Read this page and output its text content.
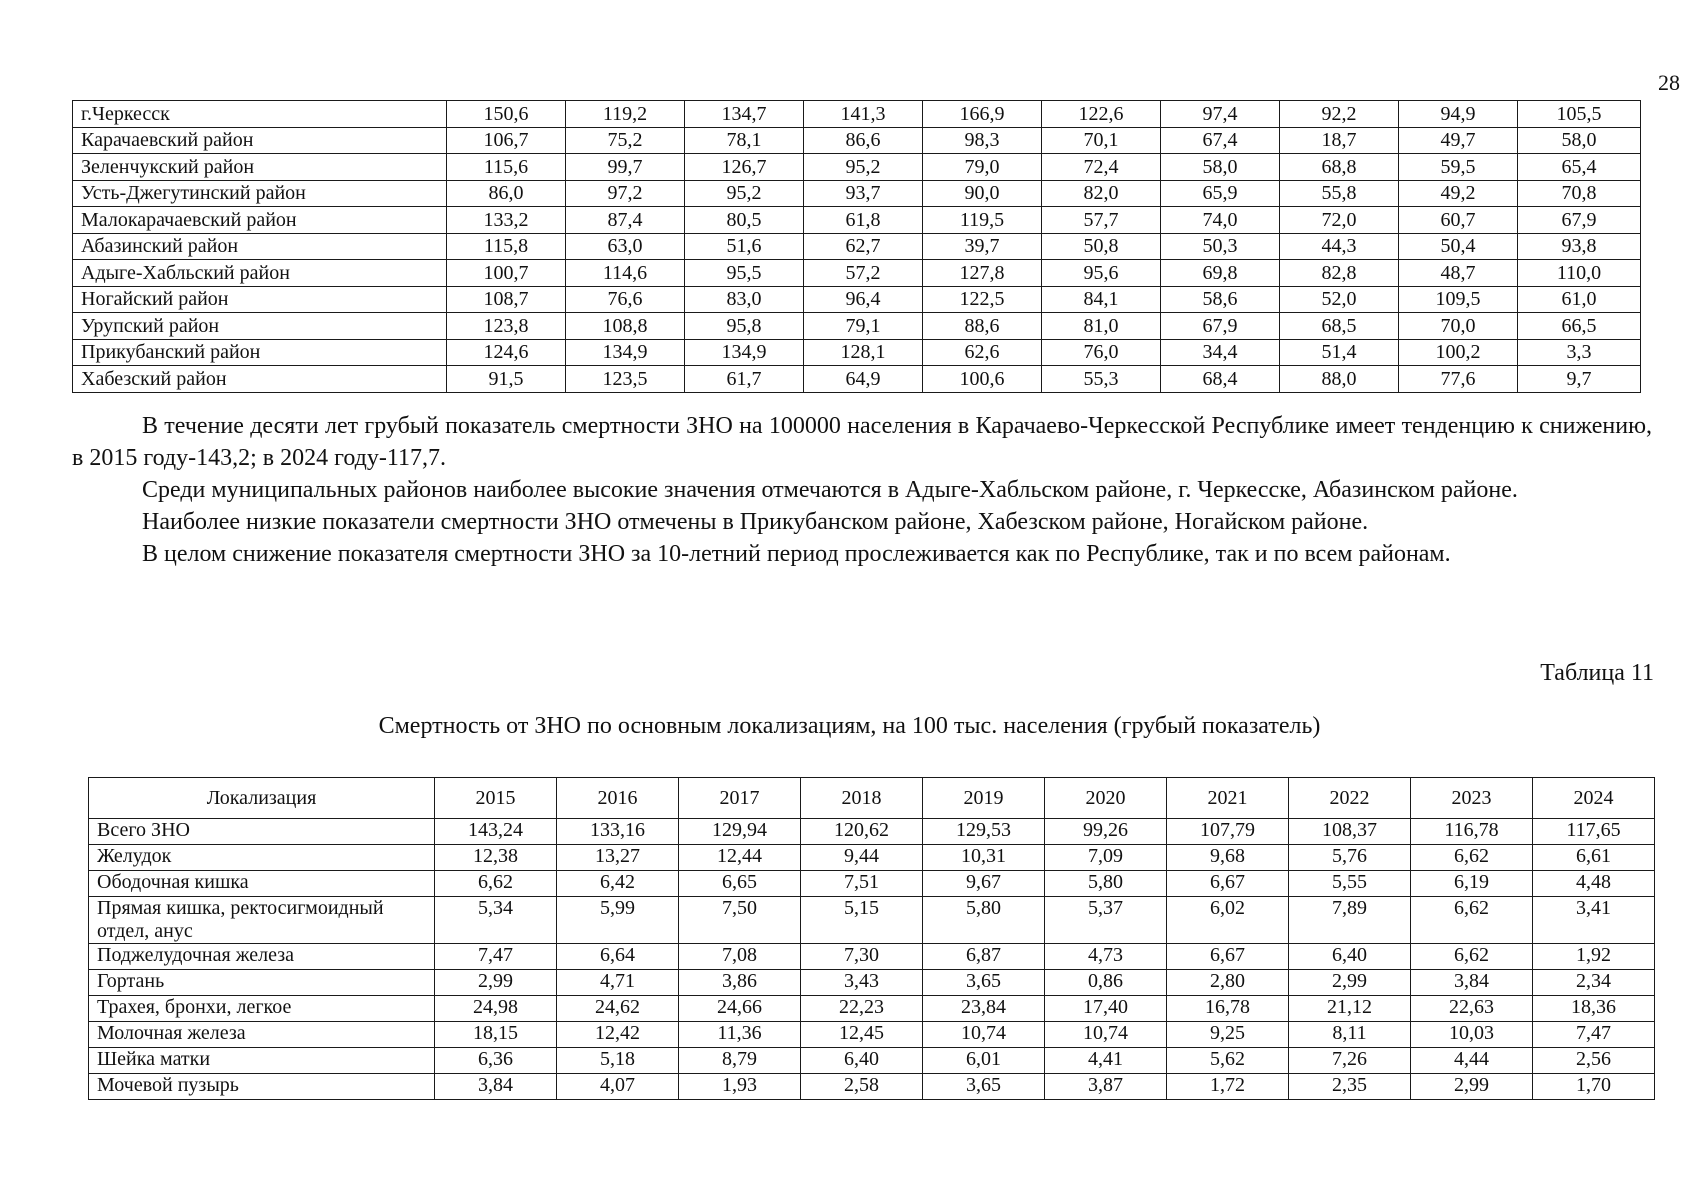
28
г.Черкесск	150,6	119,2	134,7	141,3	166,9	122,6	97,4	92,2	94,9	105,5
Карачаевский район	106,7	75,2	78,1	86,6	98,3	70,1	67,4	18,7	49,7	58,0
Зеленчукский район	115,6	99,7	126,7	95,2	79,0	72,4	58,0	68,8	59,5	65,4
Усть-Джегутинский район	86,0	97,2	95,2	93,7	90,0	82,0	65,9	55,8	49,2	70,8
Малокарачаевский район	133,2	87,4	80,5	61,8	119,5	57,7	74,0	72,0	60,7	67,9
Абазинский район	115,8	63,0	51,6	62,7	39,7	50,8	50,3	44,3	50,4	93,8
Адыге-Хабльский район	100,7	114,6	95,5	57,2	127,8	95,6	69,8	82,8	48,7	110,0
Ногайский район	108,7	76,6	83,0	96,4	122,5	84,1	58,6	52,0	109,5	61,0
Урупский район	123,8	108,8	95,8	79,1	88,6	81,0	67,9	68,5	70,0	66,5
Прикубанский район	124,6	134,9	134,9	128,1	62,6	76,0	34,4	51,4	100,2	3,3
Хабезский район	91,5	123,5	61,7	64,9	100,6	55,3	68,4	88,0	77,6	9,7

В течение десяти лет грубый показатель смертности ЗНО на 100000 населения в Карачаево-Черкесской Республике имеет тенденцию к снижению, в 2015 году-143,2; в 2024 году-117,7.

Среди муниципальных районов наиболее высокие значения отмечаются в Адыге-Хабльском районе, г. Черкесске, Абазинском районе.

Наиболее низкие показатели смертности ЗНО отмечены в Прикубанском районе, Хабезском районе, Ногайском районе.

В целом снижение показателя смертности ЗНО за 10-летний период прослеживается как по Республике, так и по всем районам.

Таблица 11
Смертность от ЗНО по основным локализациям, на 100 тыс. населения (грубый показатель)
Локализация	2015	2016	2017	2018	2019	2020	2021	2022	2023	2024
Всего ЗНО	143,24	133,16	129,94	120,62	129,53	99,26	107,79	108,37	116,78	117,65
Желудок	12,38	13,27	12,44	9,44	10,31	7,09	9,68	5,76	6,62	6,61
Ободочная кишка	6,62	6,42	6,65	7,51	9,67	5,80	6,67	5,55	6,19	4,48
Прямая кишка, ректосигмоидный отдел, анус	5,34	5,99	7,50	5,15	5,80	5,37	6,02	7,89	6,62	3,41
Поджелудочная железа	7,47	6,64	7,08	7,30	6,87	4,73	6,67	6,40	6,62	1,92
Гортань	2,99	4,71	3,86	3,43	3,65	0,86	2,80	2,99	3,84	2,34
Трахея, бронхи, легкое	24,98	24,62	24,66	22,23	23,84	17,40	16,78	21,12	22,63	18,36
Молочная железа	18,15	12,42	11,36	12,45	10,74	10,74	9,25	8,11	10,03	7,47
Шейка матки	6,36	5,18	8,79	6,40	6,01	4,41	5,62	7,26	4,44	2,56
Мочевой пузырь	3,84	4,07	1,93	2,58	3,65	3,87	1,72	2,35	2,99	1,70
